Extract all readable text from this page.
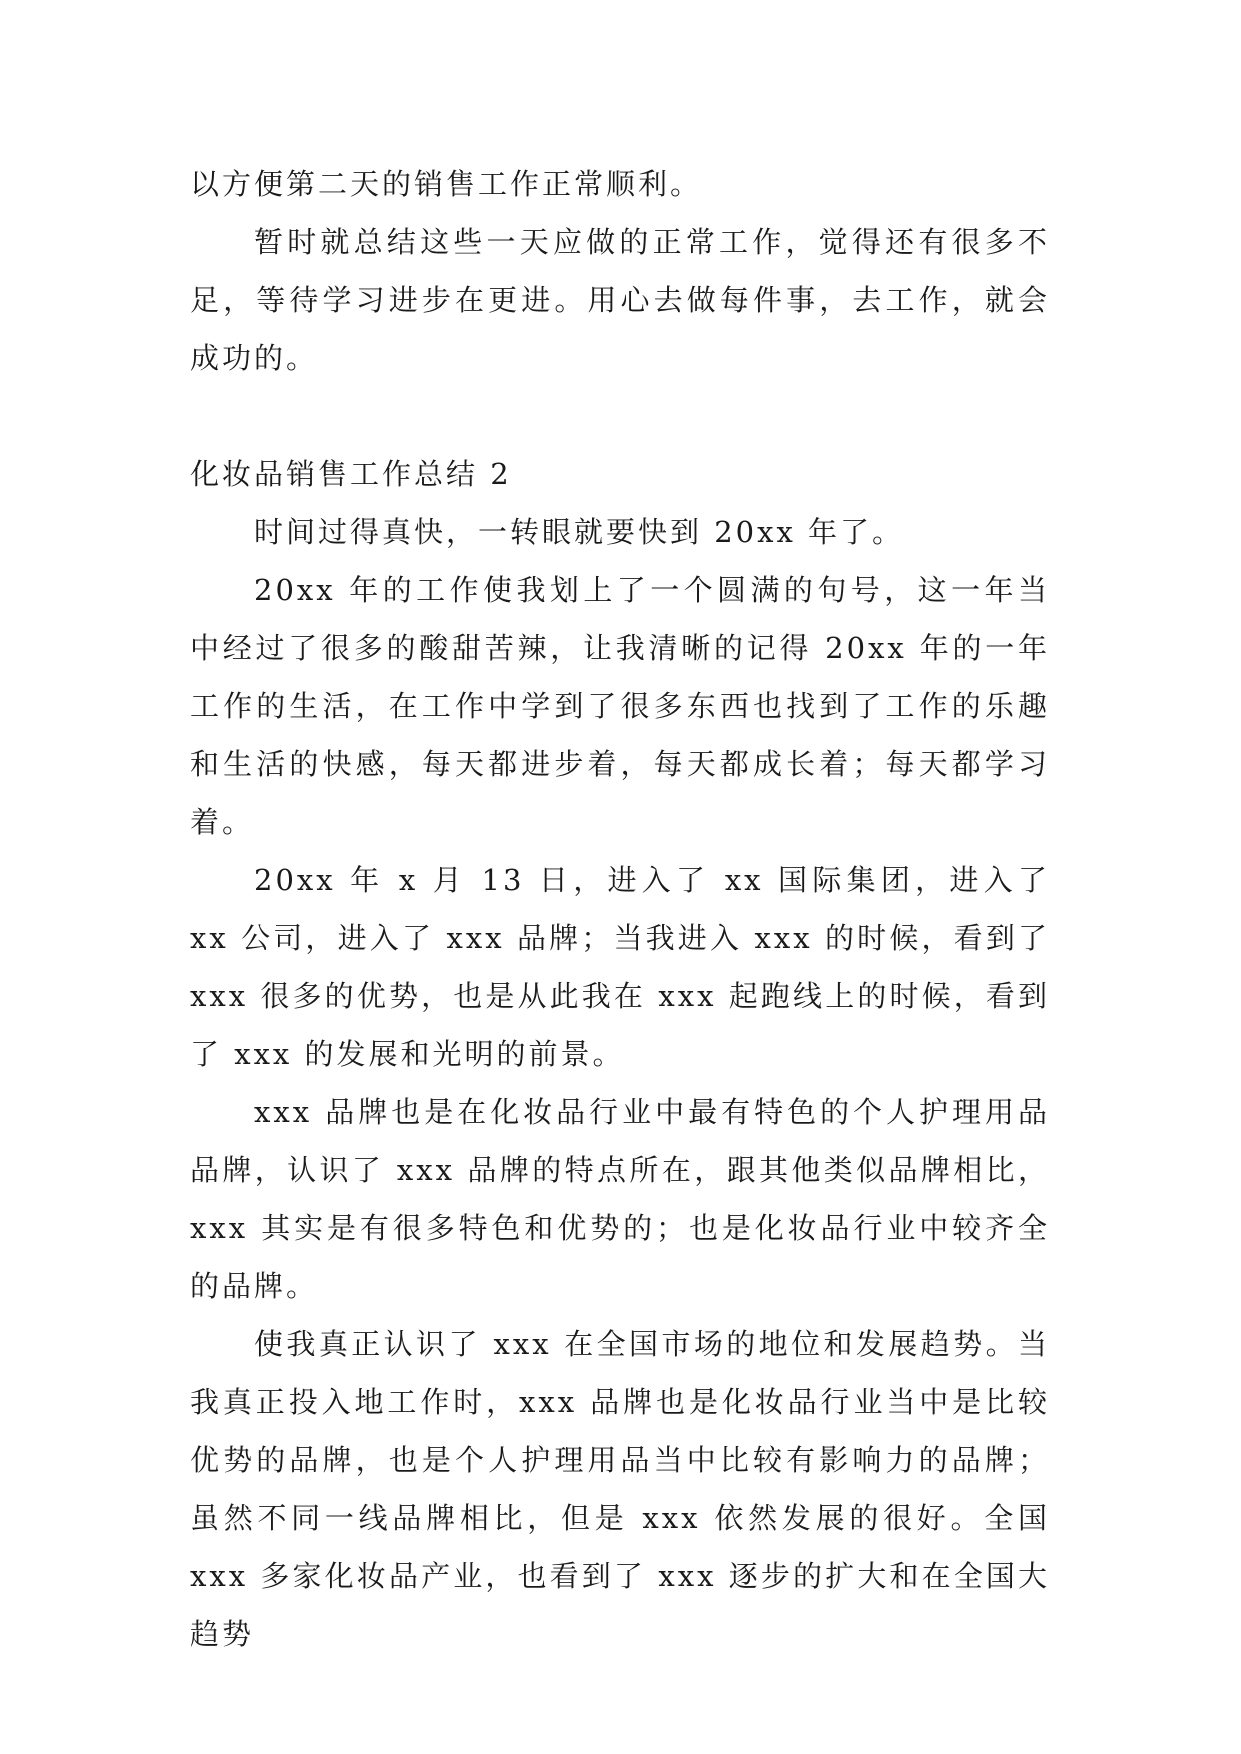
以方便第二天的销售工作正常顺利。

暂时就总结这些一天应做的正常工作，觉得还有很多不足，等待学习进步在更进。用心去做每件事，去工作，就会成功的。

化妆品销售工作总结 2

时间过得真快，一转眼就要快到 20xx 年了。

20xx 年的工作使我划上了一个圆满的句号，这一年当中经过了很多的酸甜苦辣，让我清晰的记得 20xx 年的一年工作的生活，在工作中学到了很多东西也找到了工作的乐趣和生活的快感，每天都进步着，每天都成长着；每天都学习着。

20xx 年 x 月 13 日，进入了 xx 国际集团，进入了 xx 公司，进入了 xxx 品牌；当我进入 xxx 的时候，看到了 xxx 很多的优势，也是从此我在 xxx 起跑线上的时候，看到了 xxx 的发展和光明的前景。

xxx 品牌也是在化妆品行业中最有特色的个人护理用品品牌，认识了 xxx 品牌的特点所在，跟其他类似品牌相比，xxx 其实是有很多特色和优势的；也是化妆品行业中较齐全的品牌。

使我真正认识了 xxx 在全国市场的地位和发展趋势。当我真正投入地工作时，xxx 品牌也是化妆品行业当中是比较优势的品牌，也是个人护理用品当中比较有影响力的品牌；虽然不同一线品牌相比，但是 xxx 依然发展的很好。全国 xxx 多家化妆品产业，也看到了 xxx 逐步的扩大和在全国大趋势
